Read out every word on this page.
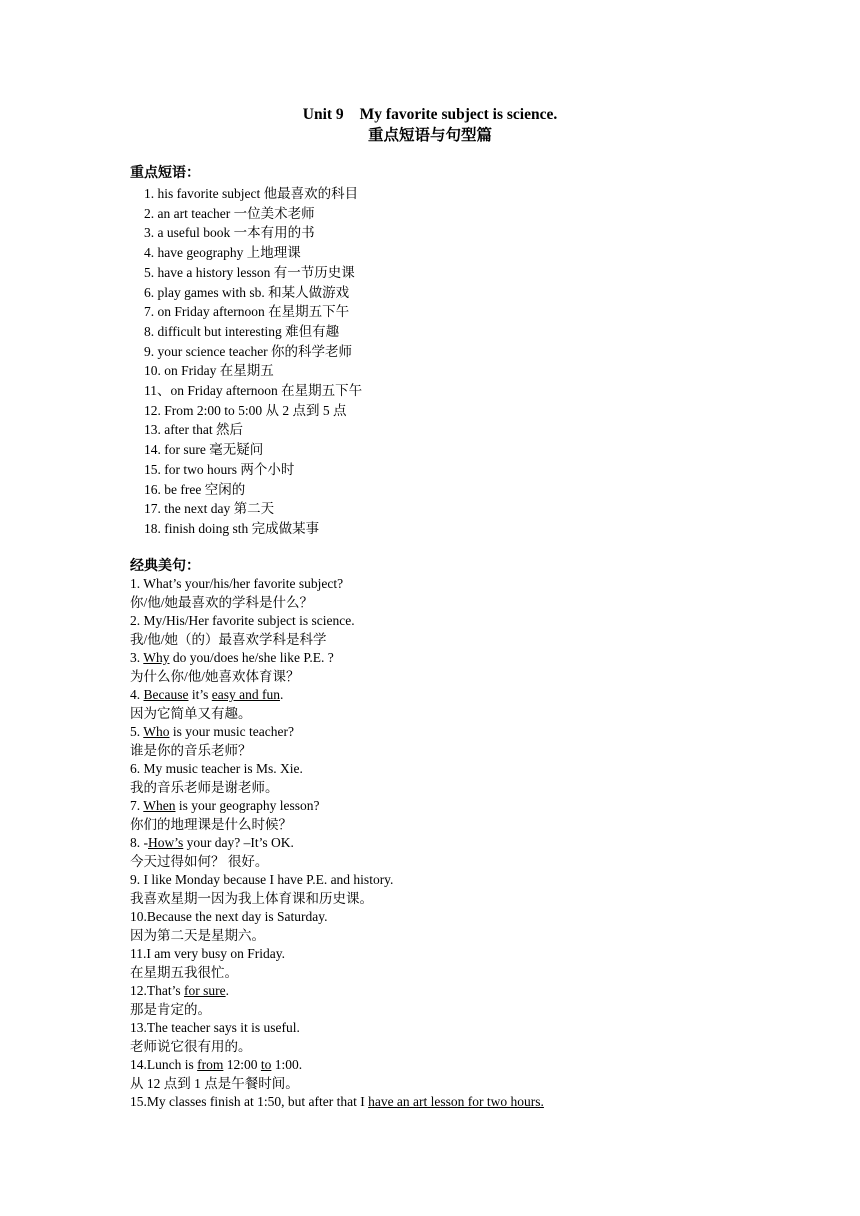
Unit 9 My favorite subject is science.

重点短语与句型篇

重点短语：
1. his favorite subject 他最喜欢的科目
2. an art teacher 一位美术老师
3. a useful book 一本有用的书
4. have geography 上地理课
5. have a history lesson 有一节历史课
6. play games with sb. 和某人做游戏
7. on Friday afternoon 在星期五下午
8. difficult but interesting 难但有趣
9. your science teacher 你的科学老师
10. on Friday 在星期五
11、on Friday afternoon 在星期五下午
12. From 2:00 to 5:00 从 2 点到 5 点
13. after that 然后
14. for sure 毫无疑问
15. for two hours 两个小时
16. be free 空闲的
17. the next day 第二天
18. finish doing sth 完成做某事
经典美句：
1. What’s your/his/her favorite subject?
你/他/她最喜欢的学科是什么？
2. My/His/Her favorite subject is science.
我/他/她（的）最喜欢学科是科学
3. Why do you/does he/she like P.E. ?
为什么你/他/她喜欢体育课？
4. Because it’s easy and fun.
因为它简单又有趣。
5. Who is your music teacher?
谁是你的音乐老师？
6. My music teacher is Ms. Xie.
我的音乐老师是谢老师。
7. When is your geography lesson?
你们的地理课是什么时候？
8. -How’s your day? –It’s OK.
今天过得如何？ 很好。
9. I like Monday because I have P.E. and history.
我喜欢星期一因为我上体育课和历史课。
10.Because the next day is Saturday.
因为第二天是星期六。
11.I am very busy on Friday.
在星期五我很忙。
12.That’s for sure.
那是肯定的。
13.The teacher says it is useful.
老师说它很有用的。
14.Lunch is from 12:00 to 1:00.
从 12 点到 1 点是午餐时间。
15.My classes finish at 1:50, but after that I have an art lesson for two hours.
